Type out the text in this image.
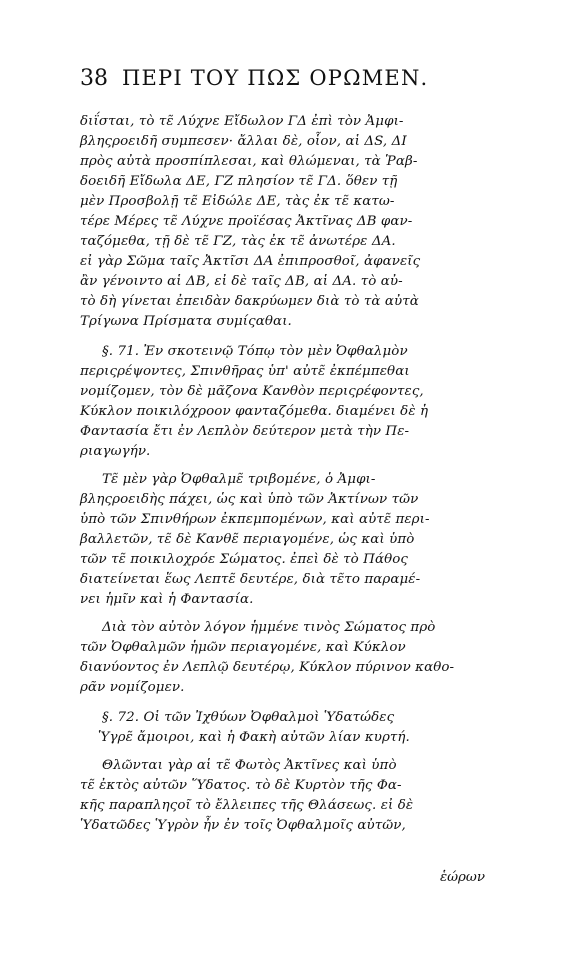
38 ΠΕΡΙ ΤΟΥ ΠΩΣ ΟΡΩΜΕΝ.
διΐσται, τὸ τε̃ Λύχνε Εἴδωλον ΓΔ ἐπὶ τὸν Ἀμφι-
βληςροειδῆ συμπεσεν· ἄλλαι δὲ, οἷον, αἱ ΔS, ΔΙ
πρὸς αὐτὰ προσπίπλεσαι, καὶ θλώμεναι, τὰ Ῥαβ-
δοειδῆ Εἴδωλα ΔΕ, ΓΖ πλησίον τε̃ ΓΔ. ὅθεν τῇ
μὲν Προσβολῇ τε̃ Εἰδώλε ΔΕ, τὰς ἐκ τε̃ κατω-
τέρε Μέρες τε̃ Λύχνε προϊέσας Ἀκτῖνας ΔΒ φαν-
ταζόμεθα, τῇ δὲ τε̃ ΓΖ, τὰς ἐκ τε̃ ἀνωτέρε ΔΑ.
εἰ γὰρ Σῶμα ταῖς Ἀκτῖσι ΔΑ ἐπιπροσθοῖ, ἀφανεῖς
ἂν γένοιντο αἱ ΔΒ, εἰ δὲ ταῖς ΔΒ, αἱ ΔΑ. τὸ αὐ-
τὸ δὴ γίνεται ἐπειδὰν δακρύωμεν διὰ τὸ τὰ αὐτὰ
Τρίγωνα Πρίσματα συμίςαθαι.
§. 71. Ἐν σκοτεινῷ Τόπῳ τὸν μὲν Ὀφθαλμὸν
περιςρέψοντες, Σπινθῆρας ὑπ' αὐτε̃ ἐκπέμπεθαι
νομίζομεν, τὸν δὲ μᾶζονα Κανθὸν περιςρέφοντες,
Κύκλον ποικιλόχροον φανταζόμεθα. διαμένει δὲ ἡ
Φαντασία ἔτι ἐν Λεπλὸν δεύτερον μετὰ τὴν Πε-
ριαγωγήν.
Τε̃ μὲν γὰρ Ὀφθαλμε̃ τριβομένε, ὁ Ἀμφι-
βληςροειδὴς πάχει, ὡς καὶ ὑπὸ τῶν Ἀκτίνων τῶν
ὑπὸ τῶν Σπινθήρων ἐκπεμπομένων, καὶ αὐτε̃ περι-
βαλλετῶν, τε̃ δὲ Κανθε̃ περιαγομένε, ὡς καὶ ὑπὸ
τῶν τε̃ ποικιλοχρόε Σώματος. ἐπεὶ δὲ τὸ Πάθος
διατείνεται ἕως Λεπτε̃ δευτέρε, διὰ τε̃το παραμέ-
νει ἡμῖν καὶ ἡ Φαντασία.
Διὰ τὸν αὐτὸν λόγον ἡμμένε τινὸς Σώματος πρὸ
τῶν Ὀφθαλμῶν ἡμῶν περιαγομένε, καὶ Κύκλον
διανύοντος ἐν Λεπλῷ δευτέρῳ, Κύκλον πύρινον καθο-
ρᾶν νομίζομεν.
§. 72. Οἱ τῶν Ἰχθύων Ὀφθαλμοὶ Ὑδατώδες
Ὑγρε̃ ἄμοιροι, καὶ ἡ Φακὴ αὐτῶν λίαν κυρτή.
Θλῶνται γὰρ αἱ τε̃ Φωτὸς Ἀκτῖνες καὶ ὑπὸ
τε̃ ἐκτὸς αὐτῶν Ὕδατος. τὸ δὲ Κυρτὸν τῆς Φα-
κῆς παραπληςοῖ τὸ ἔλλειπες τῆς Θλάσεως. εἰ δὲ
Ὑδατῶδες Ὑγρὸν ἦν ἐν τοῖς Ὀφθαλμοῖς αὐτῶν,
ἑώρων
